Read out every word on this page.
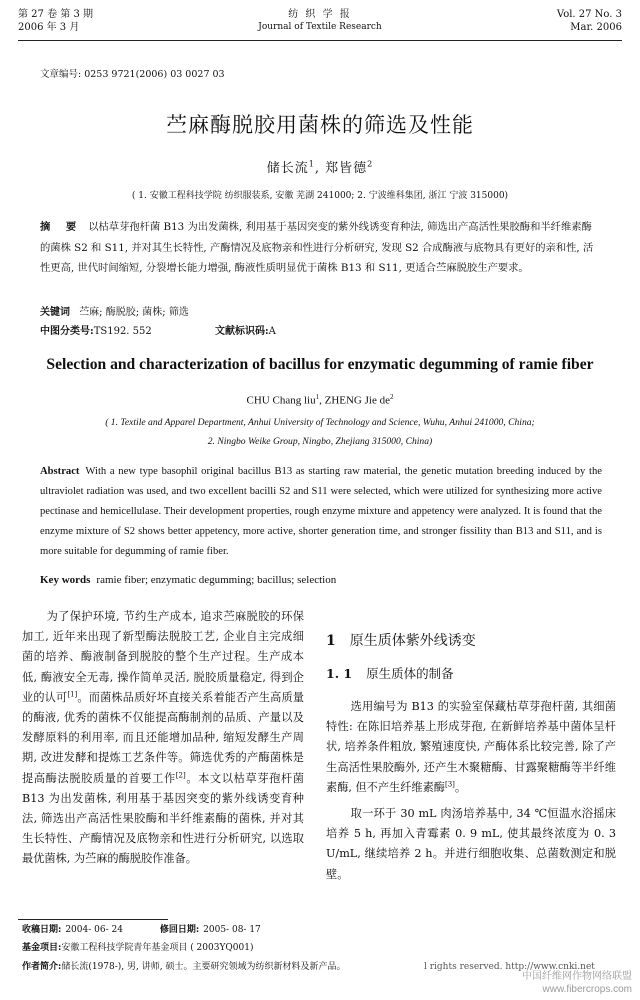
第 27 卷 第 3 期
2006 年 3 月
纺 织 学 报
Journal of Textile Research
Vol. 27 No. 3
Mar. 2006
文章编号: 0253 9721(2006) 03 0027 03
苎麻酶脱胶用菌株的筛选及性能
储长流$^1$, 郑皆德$^2$
( 1. 安徽工程科技学院 纺织服装系, 安徽 芜湖 241000; 2. 宁波维科集团, 浙江 宁波 315000)
摘 要 以枯草芽孢杆菌 B13 为出发菌株, 利用基于基因突变的紫外线诱变育种法, 筛选出产高活性果胶酶和半纤维素酶的菌株 S2 和 S11, 并对其生长特性, 产酶情况及底物亲和性进行分析研究, 发现 S2 合成酶液与底物具有更好的亲和性, 活性更高, 世代时间缩短, 分裂增长能力增强, 酶液性质明显优于菌株 B13 和 S11, 更适合苎麻脱胶生产要求。
关键词 苎麻; 酶脱胶; 菌株; 筛选
中图分类号:TS192. 552	文献标识码:A
Selection and characterization of bacillus for enzymatic degumming of ramie fiber
CHU Chang liu$^1$, ZHENG Jie $de^2$
( 1. Textile and Apparel Department, Anhui University of Technology and Science, Wuhu, Anhui 241000, China;
2. Ningbo Weike Group, Ningbo, Zhejiang 315000, China)
Abstract With a new type basophil original bacillus B13 as starting raw material, the genetic mutation breeding induced by the ultraviolet radiation was used, and two excellent bacilli S2 and S11 were selected, which were utilized for synthesizing more active pectinase and hemicellulase. Their development properties, rough enzyme mixture and appetency were analyzed. It is found that the enzyme mixture of S2 shows better appetency, more active, shorter generation time, and stronger fissility than B13 and S11, and is more suitable for degumming of ramie fiber.
Key words ramie fiber; enzymatic degumming; bacillus; selection

为了保护环境, 节约生产成本, 追求苎麻脱胶的环保加工, 近年来出现了新型酶法脱胶工艺, 企业自主完成细菌的培养、酶液制备到脱胶的整个生产过程。生产成本低, 酶液安全无毒, 操作简单灵活, 脱胶质量稳定, 得到企业的认可[1]。而菌株品质好坏直接关系着能否产生高质量的酶液, 优秀的菌株不仅能提高酶制剂的品质、产量以及发酵原料的利用率, 而且还能增加品种, 缩短发酵生产周期, 改进发酵和提炼工艺条件等。筛选优秀的产酶菌株是提高酶法脱胶质量的首要工作[2]。本文以枯草芽孢杆菌 B13 为出发菌株, 利用基于基因突变的紫外线诱变育种法, 筛选出产高活性果胶酶和半纤维素酶的菌株, 并对其生长特性、产酶情况及底物亲和性进行分析研究, 以选取最优菌株, 为苎麻的酶脱胶作准备。

1 原生质体紫外线诱变
1. 1 原生质体的制备

选用编号为 B13 的实验室保藏枯草芽孢杆菌, 其细菌特性: 在陈旧培养基上形成芽孢, 在新鲜培养基中菌体呈杆状, 培养条件粗放, 繁殖速度快, 产酶体系比较完善, 除了产生高活性果胶酶外, 还产生木聚糖酶、甘露聚糖酶等半纤维素酶, 但不产生纤维素酶[3]。

取一环于 30 mL 肉汤培养基中, 34 ℃恒温水浴摇床培养 5 h, 再加入青霉素 0. 9 mL, 使其最终浓度为 0. 3 U/mL, 继续培养 2 h。并进行细胞收集、总菌数测定和脱壁。

收稿日期: 2004- 06- 24	修回日期: 2005- 08- 17
基金项目:安徽工程科技学院青年基金项目 ( 2003YQ001)
作者简介:储长流(1978-), 男, 讲师, 硕士。主要研究领域为纺织新材料及新产品。	l rights reserved. http://www.cnki.net
中国纤维网作物网络联盟
www.fibercrops.com
